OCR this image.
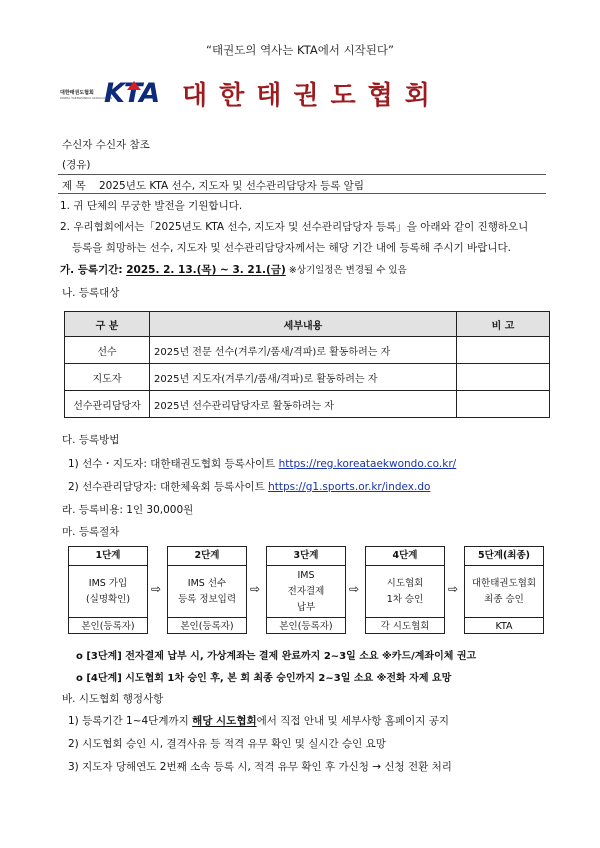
“태권도의 역사는 KTA에서 시작된다”
대한태권도협회
KOREA TAEKWONDO ASSOCIATION
KTA 대한태권도협회
수신자 수신자 참조
(경유)
제 목 2025년도 KTA 선수, 지도자 및 선수관리담당자 등록 알림
1. 귀 단체의 무궁한 발전을 기원합니다.
2. 우리협회에서는「2025년도 KTA 선수, 지도자 및 선수관리담당자 등록」을 아래와 같이 진행하오니
등록을 희망하는 선수, 지도자 및 선수관리담당자께서는 해당 기간 내에 등록해 주시기 바랍니다.
가. 등록기간: 2025. 2. 13.(목) ~ 3. 21.(금) ※상기일정은 변경될 수 있음
나. 등록대상
구 분	세부내용	비 고
선수	2025년 전문 선수(겨루기/품새/격파)로 활동하려는 자	
지도자	2025년 지도자(겨루기/품새/격파)로 활동하려는 자	
선수관리담당자	2025년 선수관리담당자로 활동하려는 자	
다. 등록방법
1) 선수・지도자: 대한태권도협회 등록사이트 https://reg.koreataekwondo.co.kr/
2) 선수관리담당자: 대한체육회 등록사이트 https://g1.sports.or.kr/index.do
라. 등록비용: 1인 30,000원
마. 등록절차
1단계
IMS 가입
(실명확인)
본인(등록자)
⇨
2단계
IMS 선수
등록 정보입력
본인(등록자)
⇨
3단계
IMS
전자결제
납부
본인(등록자)
⇨
4단계
시도협회
1차 승인
각 시도협회
⇨
5단계(최종)
대한태권도협회
최종 승인
KTA
o [3단계] 전자결제 납부 시, 가상계좌는 결제 완료까지 2~3일 소요 ※카드/계좌이체 권고
o [4단계] 시도협회 1차 승인 후, 본 회 최종 승인까지 2~3일 소요 ※전화 자제 요망
바. 시도협회 행정사항
1) 등록기간 1~4단계까지 해당 시도협회에서 직접 안내 및 세부사항 홈페이지 공지
2) 시도협회 승인 시, 결격사유 등 적격 유무 확인 및 실시간 승인 요망
3) 지도자 당해연도 2번째 소속 등록 시, 적격 유무 확인 후 가신청 → 신청 전환 처리
